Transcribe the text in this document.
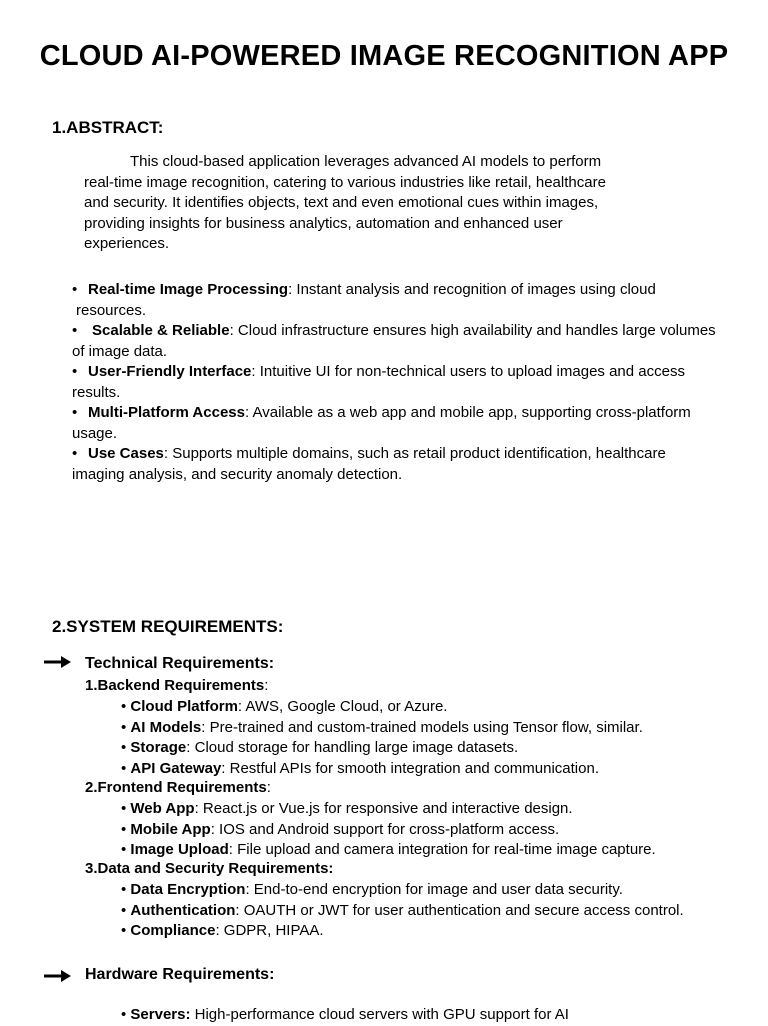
CLOUD AI-POWERED IMAGE RECOGNITION APP
1.ABSTRACT:
This cloud-based application leverages advanced AI models to perform
real-time image recognition, catering to various industries like retail, healthcare
and security. It identifies objects, text and even emotional cues within images,
providing insights for business analytics, automation and enhanced user
experiences.
• Real-time Image Processing: Instant analysis and recognition of images using cloud
resources.
• Scalable & Reliable: Cloud infrastructure ensures high availability and handles large volumes
of image data.
• User-Friendly Interface: Intuitive UI for non-technical users to upload images and access
results.
• Multi-Platform Access: Available as a web app and mobile app, supporting cross-platform
usage.
• Use Cases: Supports multiple domains, such as retail product identification, healthcare
imaging analysis, and security anomaly detection.
2.SYSTEM REQUIREMENTS:
Technical Requirements:
1.Backend Requirements:
• Cloud Platform: AWS, Google Cloud, or Azure.
• AI Models: Pre-trained and custom-trained models using Tensor flow, similar.
• Storage: Cloud storage for handling large image datasets.
• API Gateway: Restful APIs for smooth integration and communication.
2.Frontend Requirements:
• Web App: React.js or Vue.js for responsive and interactive design.
• Mobile App: IOS and Android support for cross-platform access.
• Image Upload: File upload and camera integration for real-time image capture.
3.Data and Security Requirements:
• Data Encryption: End-to-end encryption for image and user data security.
• Authentication: OAUTH or JWT for user authentication and secure access control.
• Compliance: GDPR, HIPAA.
Hardware Requirements:
• Servers: High-performance cloud servers with GPU support for AI
